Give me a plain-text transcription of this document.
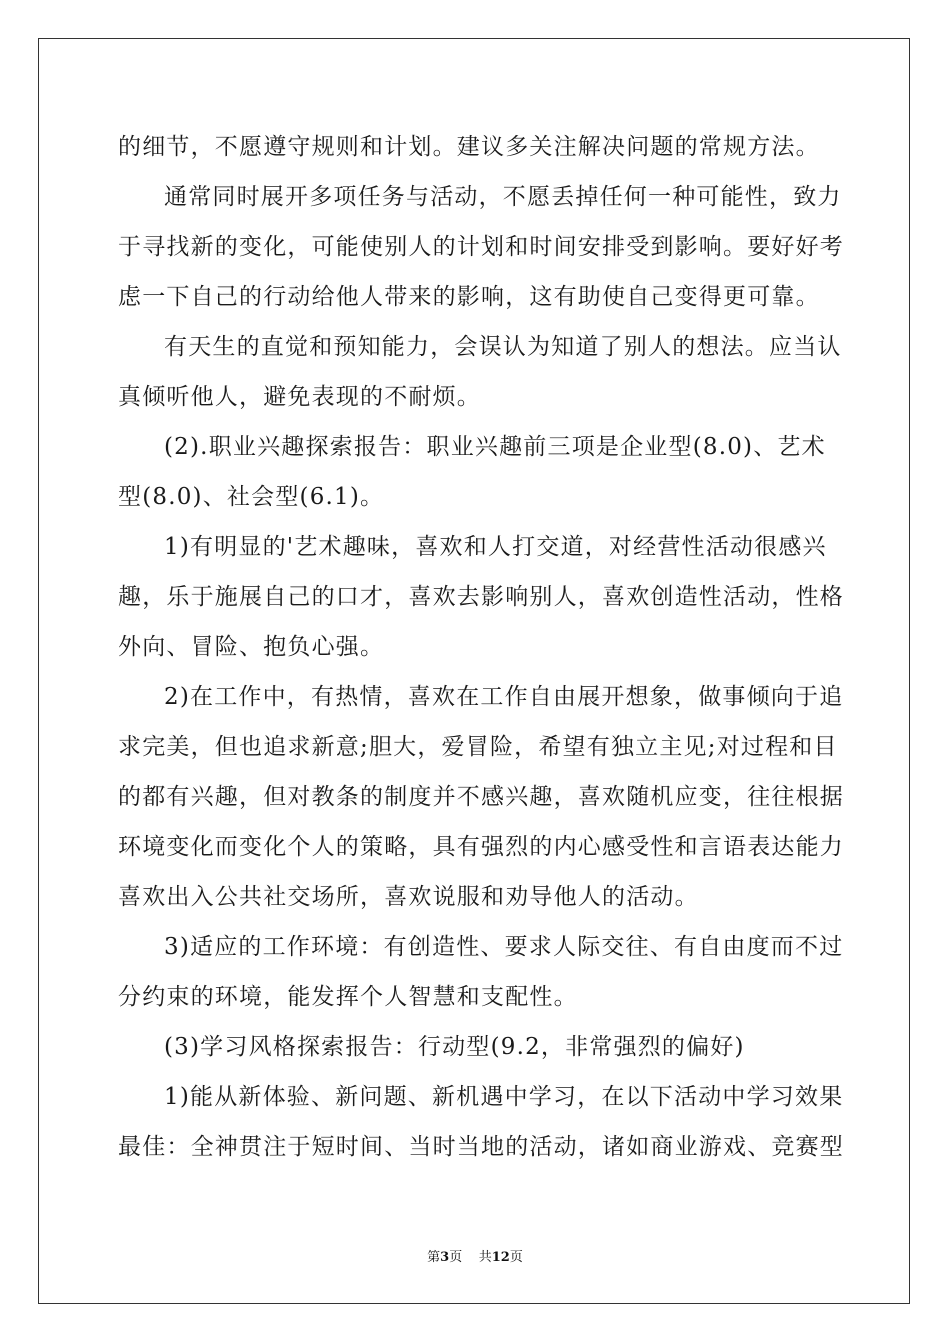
的细节，不愿遵守规则和计划。建议多关注解决问题的常规方法。
通常同时展开多项任务与活动，不愿丢掉任何一种可能性，致力
于寻找新的变化，可能使别人的计划和时间安排受到影响。要好好考
虑一下自己的行动给他人带来的影响，这有助使自己变得更可靠。
有天生的直觉和预知能力，会误认为知道了别人的想法。应当认
真倾听他人，避免表现的不耐烦。
(2).职业兴趣探索报告：职业兴趣前三项是企业型(8.0)、艺术
型(8.0)、社会型(6.1)。
1)有明显的'艺术趣味，喜欢和人打交道，对经营性活动很感兴
趣，乐于施展自己的口才，喜欢去影响别人，喜欢创造性活动，性格
外向、冒险、抱负心强。
2)在工作中，有热情，喜欢在工作自由展开想象，做事倾向于追
求完美，但也追求新意;胆大，爱冒险，希望有独立主见;对过程和目
的都有兴趣，但对教条的制度并不感兴趣，喜欢随机应变，往往根据
环境变化而变化个人的策略，具有强烈的内心感受性和言语表达能力
喜欢出入公共社交场所，喜欢说服和劝导他人的活动。
3)适应的工作环境：有创造性、要求人际交往、有自由度而不过
分约束的环境，能发挥个人智慧和支配性。
(3)学习风格探索报告：行动型(9.2，非常强烈的偏好)
1)能从新体验、新问题、新机遇中学习，在以下活动中学习效果
最佳：全神贯注于短时间、当时当地的活动，诸如商业游戏、竞赛型
第3页 共12页
